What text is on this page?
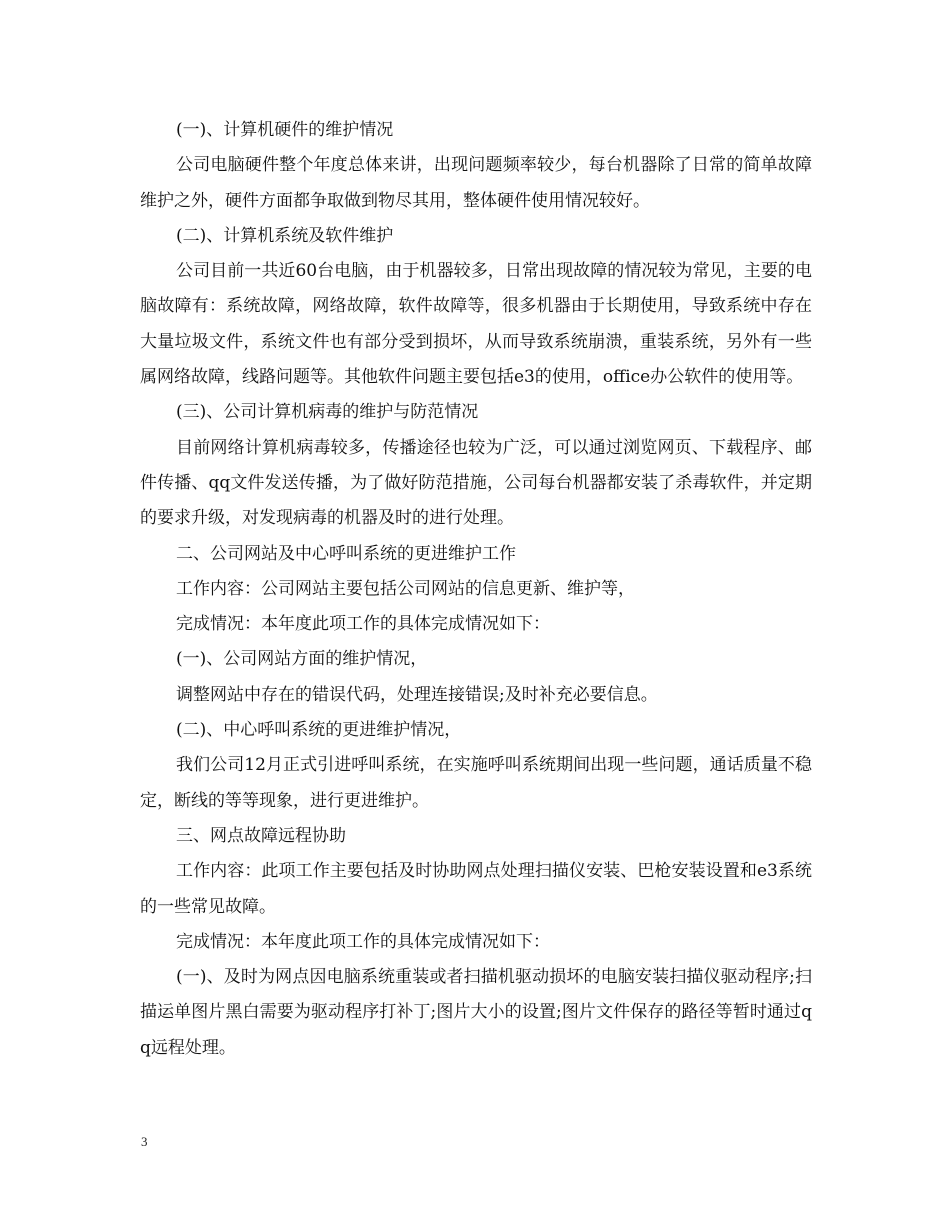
(一)、计算机硬件的维护情况

公司电脑硬件整个年度总体来讲，出现问题频率较少，每台机器除了日常的简单故障维护之外，硬件方面都争取做到物尽其用，整体硬件使用情况较好。

(二)、计算机系统及软件维护

公司目前一共近60台电脑，由于机器较多，日常出现故障的情况较为常见，主要的电脑故障有：系统故障，网络故障，软件故障等，很多机器由于长期使用，导致系统中存在大量垃圾文件，系统文件也有部分受到损坏，从而导致系统崩溃，重装系统，另外有一些属网络故障，线路问题等。其他软件问题主要包括e3的使用，office办公软件的使用等。

(三)、公司计算机病毒的维护与防范情况

目前网络计算机病毒较多，传播途径也较为广泛，可以通过浏览网页、下载程序、邮件传播、qq文件发送传播，为了做好防范措施，公司每台机器都安装了杀毒软件，并定期的要求升级，对发现病毒的机器及时的进行处理。

二、公司网站及中心呼叫系统的更进维护工作

工作内容：公司网站主要包括公司网站的信息更新、维护等，

完成情况：本年度此项工作的具体完成情况如下：

(一)、公司网站方面的维护情况，

调整网站中存在的错误代码，处理连接错误;及时补充必要信息。

(二)、中心呼叫系统的更进维护情况，

我们公司12月正式引进呼叫系统，在实施呼叫系统期间出现一些问题，通话质量不稳定，断线的等等现象，进行更进维护。

三、网点故障远程协助

工作内容：此项工作主要包括及时协助网点处理扫描仪安装、巴枪安装设置和e3系统的一些常见故障。

完成情况：本年度此项工作的具体完成情况如下：

(一)、及时为网点因电脑系统重装或者扫描机驱动损坏的电脑安装扫描仪驱动程序;扫描运单图片黑白需要为驱动程序打补丁;图片大小的设置;图片文件保存的路径等暂时通过qq远程处理。

3
